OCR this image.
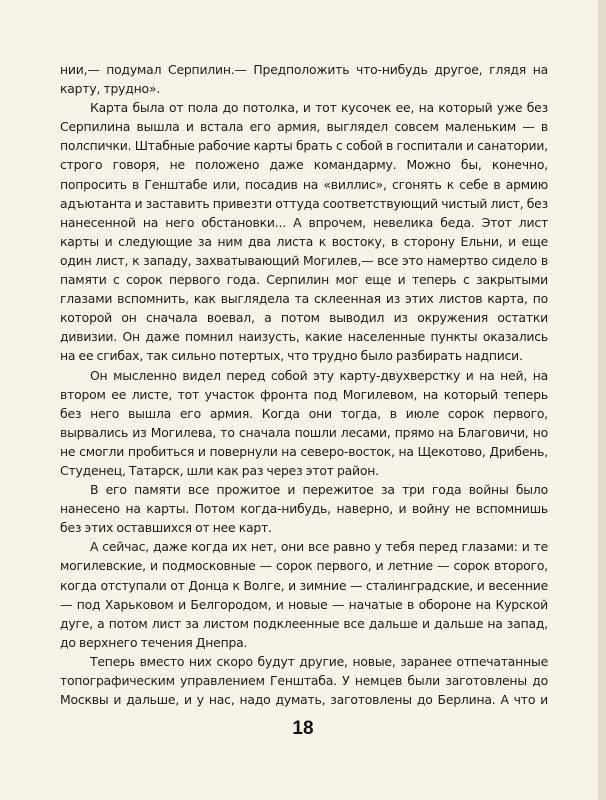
нии,— подумал Серпилин.— Предположить что-нибудь другое, глядя на карту, трудно».

Карта была от пола до потолка, и тот кусочек ее, на который уже без Серпилина вышла и встала его армия, выглядел совсем маленьким — в полспички. Штабные рабочие карты брать с собой в госпитали и санатории, строго говоря, не положено даже командарму. Можно бы, конечно, попросить в Генштабе или, посадив на «виллис», сгонять к себе в армию адъютанта и заставить привезти оттуда соответствующий чистый лист, без нанесенной на него обстановки... А впрочем, невелика беда. Этот лист карты и следующие за ним два листа к востоку, в сторону Ельни, и еще один лист, к западу, захватывающий Могилев,— все это намертво сидело в памяти с сорок первого года. Серпилин мог еще и теперь с закрытыми глазами вспомнить, как выглядела та склеенная из этих листов карта, по которой он сначала воевал, а потом выводил из окружения остатки дивизии. Он даже помнил наизусть, какие населенные пункты оказались на ее сгибах, так сильно потертых, что трудно было разбирать надписи.

Он мысленно видел перед собой эту карту-двухверстку и на ней, на втором ее листе, тот участок фронта под Могилевом, на который теперь без него вышла его армия. Когда они тогда, в июле сорок первого, вырвались из Могилева, то сначала пошли лесами, прямо на Благовичи, но не смогли пробиться и повернули на северо-восток, на Щекотово, Дрибень, Студенец, Татарск, шли как раз через этот район.

В его памяти все прожитое и пережитое за три года войны было нанесено на карты. Потом когда-нибудь, наверно, и войну не вспомнишь без этих оставшихся от нее карт.

А сейчас, даже когда их нет, они все равно у тебя перед глазами: и те могилевские, и подмосковные — сорок первого, и летние — сорок второго, когда отступали от Донца к Волге, и зимние — сталинградские, и весенние — под Харьковом и Белгородом, и новые — начатые в обороне на Курской дуге, а потом лист за листом подклеенные все дальше и дальше на запад, до верхнего течения Днепра.

Теперь вместо них скоро будут другие, новые, заранее отпечатанные топографическим управлением Генштаба. У немцев были заготовлены до Москвы и дальше, и у нас, надо думать, заготовлены до Берлина. А что и

18
